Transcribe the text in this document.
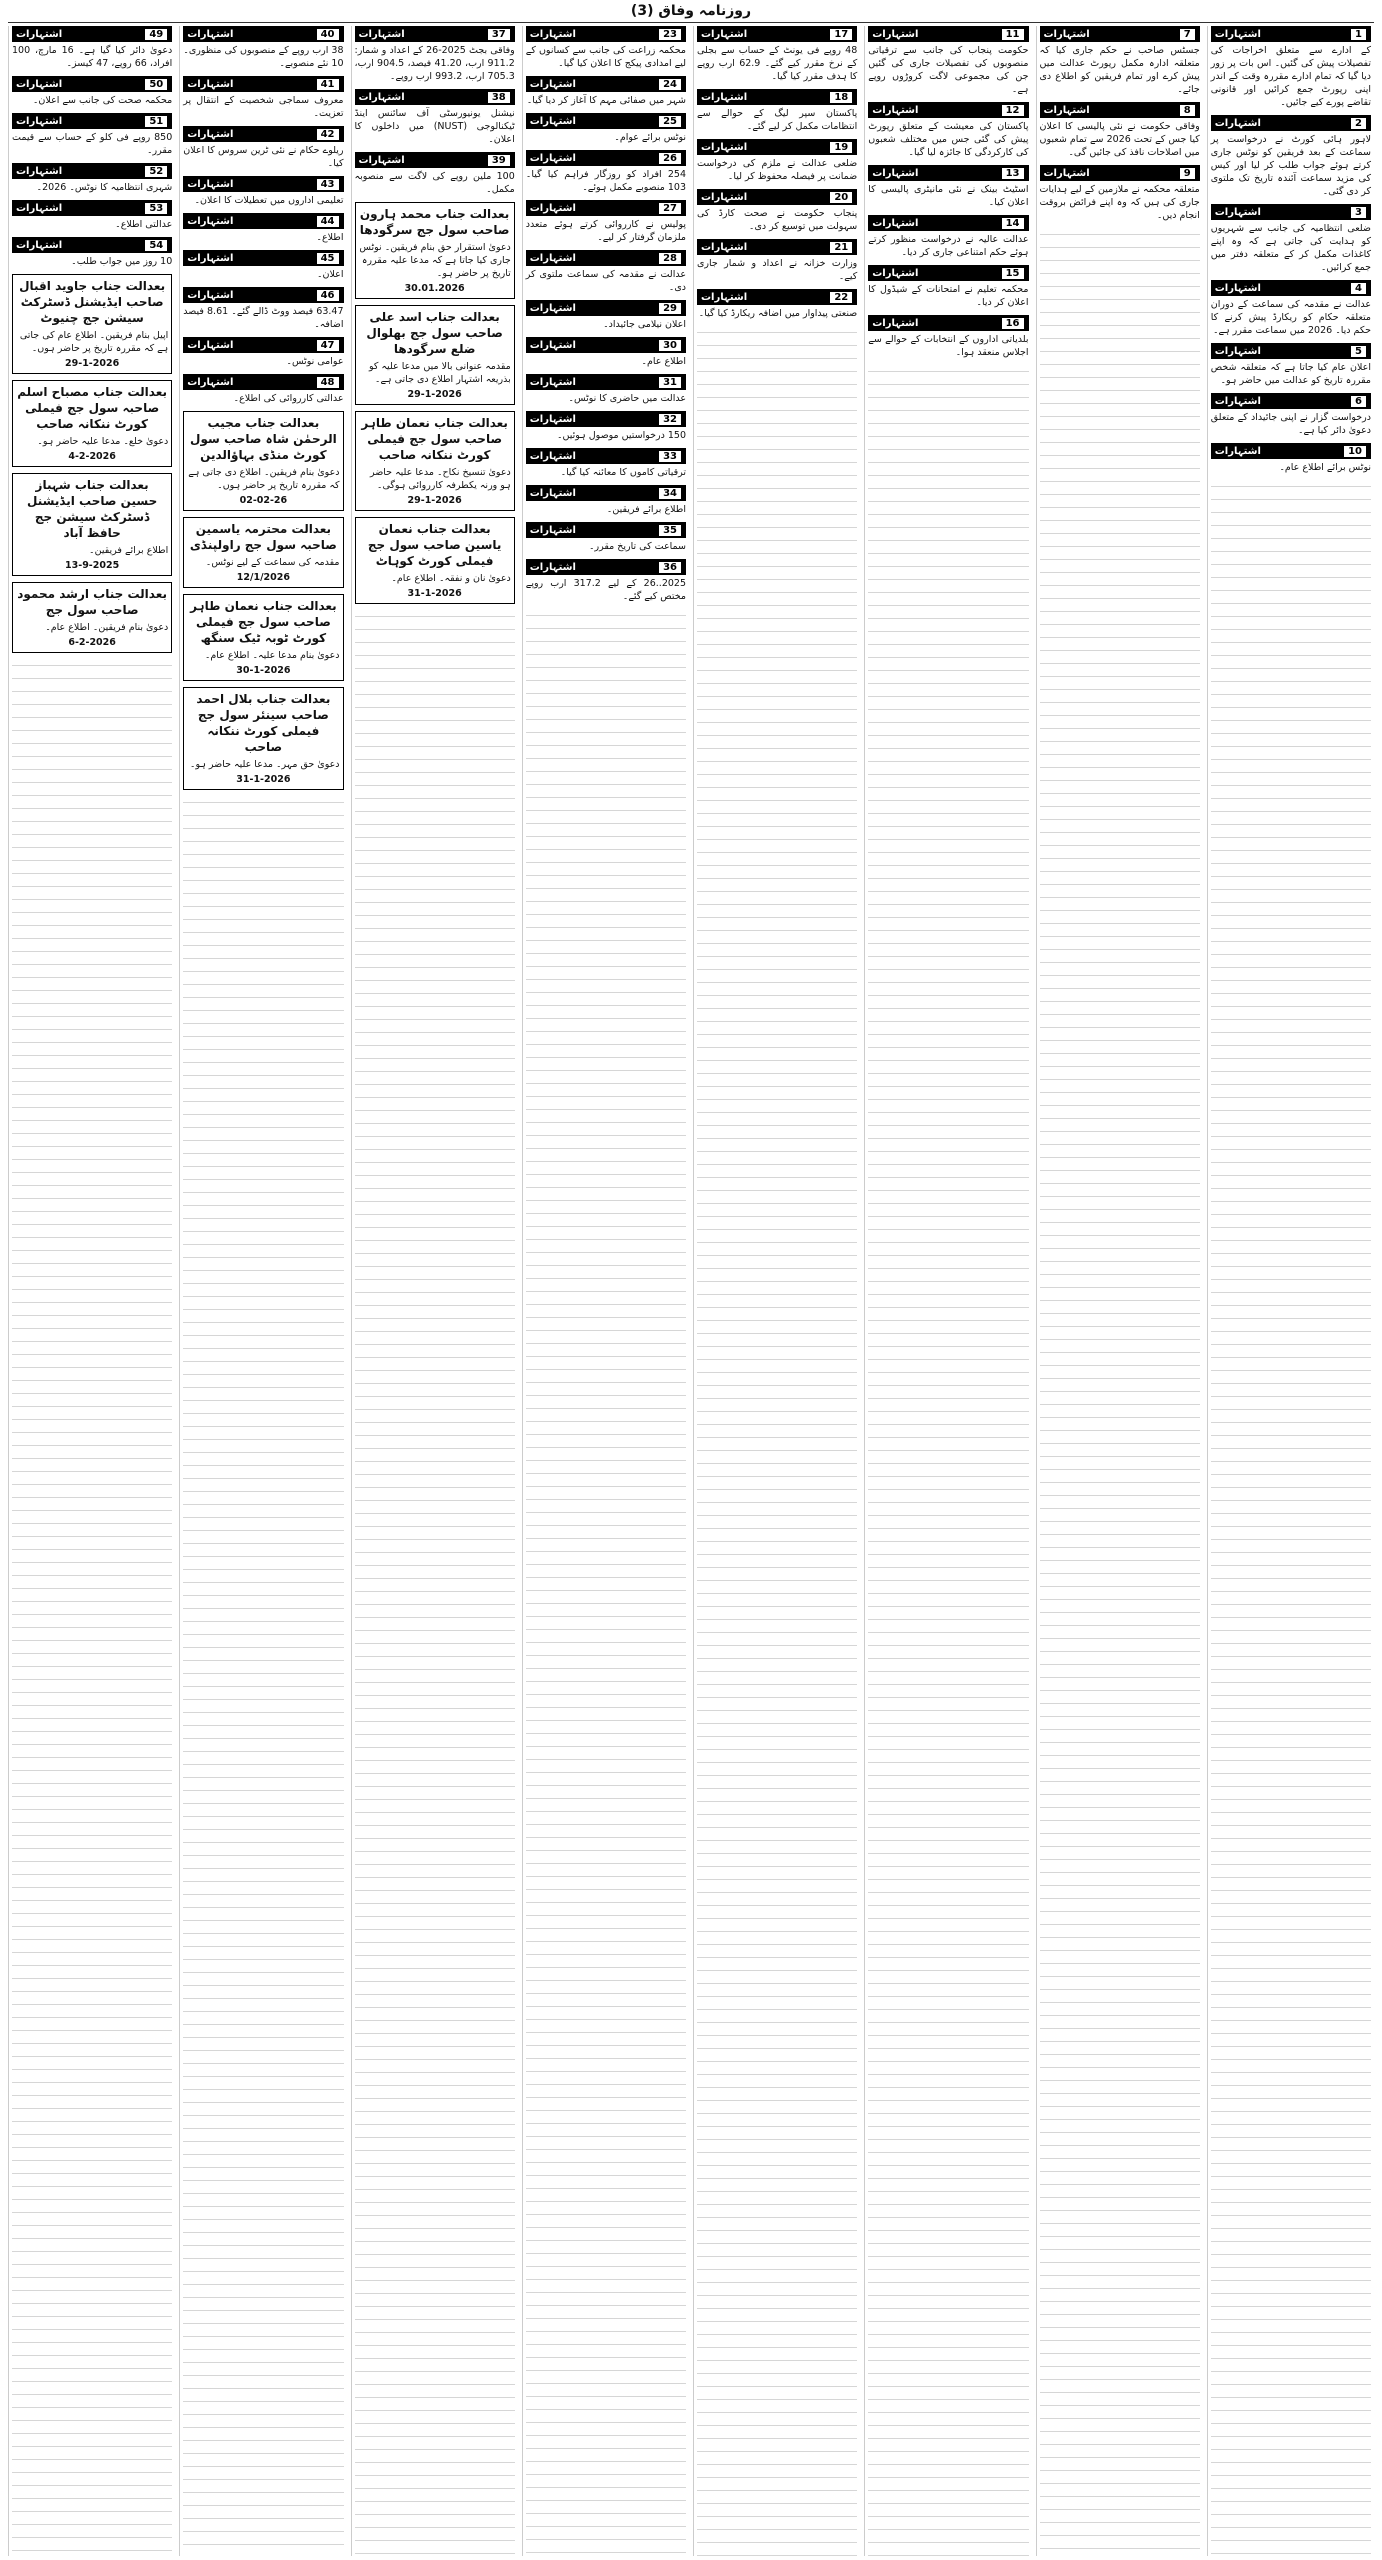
روزنامہ وفاق (3)
1
اشتہارات
کے ادارے سے متعلق اخراجات کی تفصیلات پیش کی گئیں۔ اس بات پر زور دیا گیا کہ تمام ادارے مقررہ وقت کے اندر اپنی رپورٹ جمع کرائیں اور قانونی تقاضے پورے کیے جائیں۔
2
اشتہارات
لاہور ہائی کورٹ نے درخواست پر سماعت کے بعد فریقین کو نوٹس جاری کرتے ہوئے جواب طلب کر لیا اور کیس کی مزید سماعت آئندہ تاریخ تک ملتوی کر دی گئی۔
3
اشتہارات
ضلعی انتظامیہ کی جانب سے شہریوں کو ہدایت کی جاتی ہے کہ وہ اپنے کاغذات مکمل کر کے متعلقہ دفتر میں جمع کرائیں۔
4
اشتہارات
عدالت نے مقدمہ کی سماعت کے دوران متعلقہ حکام کو ریکارڈ پیش کرنے کا حکم دیا۔ 2026 میں سماعت مقرر ہے۔
5
اشتہارات
اعلان عام کیا جاتا ہے کہ متعلقہ شخص مقررہ تاریخ کو عدالت میں حاضر ہو۔
6
اشتہارات
درخواست گزار نے اپنی جائیداد کے متعلق دعویٰ دائر کیا ہے۔
10
اشتہارات
نوٹس برائے اطلاع عام۔
7
اشتہارات
جسٹس صاحب نے حکم جاری کیا کہ متعلقہ ادارہ مکمل رپورٹ عدالت میں پیش کرے اور تمام فریقین کو اطلاع دی جائے۔
8
اشتہارات
وفاقی حکومت نے نئی پالیسی کا اعلان کیا جس کے تحت 2026 سے تمام شعبوں میں اصلاحات نافذ کی جائیں گی۔
9
اشتہارات
متعلقہ محکمہ نے ملازمین کے لیے ہدایات جاری کی ہیں کہ وہ اپنے فرائض بروقت انجام دیں۔
11
اشتہارات
حکومت پنجاب کی جانب سے ترقیاتی منصوبوں کی تفصیلات جاری کی گئیں جن کی مجموعی لاگت کروڑوں روپے ہے۔
12
اشتہارات
پاکستان کی معیشت کے متعلق رپورٹ پیش کی گئی جس میں مختلف شعبوں کی کارکردگی کا جائزہ لیا گیا۔
13
اشتہارات
اسٹیٹ بینک نے نئی مانیٹری پالیسی کا اعلان کیا۔
14
اشتہارات
عدالت عالیہ نے درخواست منظور کرتے ہوئے حکم امتناعی جاری کر دیا۔
15
اشتہارات
محکمہ تعلیم نے امتحانات کے شیڈول کا اعلان کر دیا۔
16
اشتہارات
بلدیاتی اداروں کے انتخابات کے حوالے سے اجلاس منعقد ہوا۔
17
اشتہارات
48 روپے فی یونٹ کے حساب سے بجلی کے نرخ مقرر کیے گئے۔ 62.9 ارب روپے کا ہدف مقرر کیا گیا۔
18
اشتہارات
پاکستان سپر لیگ کے حوالے سے انتظامات مکمل کر لیے گئے۔
19
اشتہارات
ضلعی عدالت نے ملزم کی درخواست ضمانت پر فیصلہ محفوظ کر لیا۔
20
اشتہارات
پنجاب حکومت نے صحت کارڈ کی سہولت میں توسیع کر دی۔
21
اشتہارات
وزارت خزانہ نے اعداد و شمار جاری کیے۔
22
اشتہارات
صنعتی پیداوار میں اضافہ ریکارڈ کیا گیا۔
23
اشتہارات
محکمہ زراعت کی جانب سے کسانوں کے لیے امدادی پیکج کا اعلان کیا گیا۔
24
اشتہارات
شہر میں صفائی مہم کا آغاز کر دیا گیا۔
25
اشتہارات
نوٹس برائے عوام۔
26
اشتہارات
254 افراد کو روزگار فراہم کیا گیا۔ 103 منصوبے مکمل ہوئے۔
27
اشتہارات
پولیس نے کارروائی کرتے ہوئے متعدد ملزمان گرفتار کر لیے۔
28
اشتہارات
عدالت نے مقدمہ کی سماعت ملتوی کر دی۔
29
اشتہارات
اعلان نیلامی جائیداد۔
30
اشتہارات
اطلاع عام۔
31
اشتہارات
عدالت میں حاضری کا نوٹس۔
32
اشتہارات
150 درخواستیں موصول ہوئیں۔
33
اشتہارات
ترقیاتی کاموں کا معائنہ کیا گیا۔
34
اشتہارات
اطلاع برائے فریقین۔
35
اشتہارات
سماعت کی تاریخ مقرر۔
36
اشتہارات
2025..26 کے لیے 317.2 ارب روپے مختص کیے گئے۔
37
اشتہارات
وفاقی بجٹ 2025-26 کے اعداد و شمار: 911.2 ارب، 41.20 فیصد، 904.5 ارب، 705.3 ارب، 993.2 ارب روپے۔
38
اشتہارات
نیشنل یونیورسٹی آف سائنس اینڈ ٹیکنالوجی (NUST) میں داخلوں کا اعلان۔
39
اشتہارات
100 ملین روپے کی لاگت سے منصوبہ مکمل۔
بعدالت جناب محمد ہارون صاحب سول جج سرگودھا
دعویٰ استقرار حق بنام فریقین۔ نوٹس جاری کیا جاتا ہے کہ مدعا علیہ مقررہ تاریخ پر حاضر ہو۔
30.01.2026
بعدالت جناب اسد علی صاحب سول جج بھلوال ضلع سرگودھا
مقدمہ عنوانی بالا میں مدعا علیہ کو بذریعہ اشتہار اطلاع دی جاتی ہے۔
29-1-2026
بعدالت جناب نعمان طاہر صاحب سول جج فیملی کورٹ ننکانہ صاحب
دعویٰ تنسیخ نکاح۔ مدعا علیہ حاضر ہو ورنہ یکطرفہ کارروائی ہوگی۔
29-1-2026
بعدالت جناب نعمان یاسین صاحب سول جج فیملی کورٹ کوہاٹ
دعویٰ نان و نفقہ۔ اطلاع عام۔
31-1-2026
40
اشتہارات
38 ارب روپے کے منصوبوں کی منظوری۔ 10 نئے منصوبے۔
41
اشتہارات
معروف سماجی شخصیت کے انتقال پر تعزیت۔
42
اشتہارات
ریلوے حکام نے نئی ٹرین سروس کا اعلان کیا۔
43
اشتہارات
تعلیمی اداروں میں تعطیلات کا اعلان۔
44
اشتہارات
اطلاع۔
45
اشتہارات
اعلان۔
46
اشتہارات
63.47 فیصد ووٹ ڈالے گئے۔ 8.61 فیصد اضافہ۔
47
اشتہارات
عوامی نوٹس۔
48
اشتہارات
عدالتی کارروائی کی اطلاع۔
بعدالت جناب مجیب الرحمٰن شاہ صاحب سول کورٹ منڈی بہاؤالدین
دعویٰ بنام فریقین۔ اطلاع دی جاتی ہے کہ مقررہ تاریخ پر حاضر ہوں۔
02-02-26
بعدالت محترمہ یاسمین صاحبہ سول جج راولپنڈی
مقدمہ کی سماعت کے لیے نوٹس۔
12/1/2026
بعدالت جناب نعمان طاہر صاحب سول جج فیملی کورٹ ٹوبہ ٹیک سنگھ
دعویٰ بنام مدعا علیہ۔ اطلاع عام۔
30-1-2026
بعدالت جناب بلال احمد صاحب سینئر سول جج فیملی کورٹ ننکانہ صاحب
دعویٰ حق مہر۔ مدعا علیہ حاضر ہو۔
31-1-2026
49
اشتہارات
دعویٰ دائر کیا گیا ہے۔ 16 مارچ، 100 افراد، 66 روپے، 47 کیسز۔
50
اشتہارات
محکمہ صحت کی جانب سے اعلان۔
51
اشتہارات
850 روپے فی کلو کے حساب سے قیمت مقرر۔
52
اشتہارات
شہری انتظامیہ کا نوٹس۔ 2026۔
53
اشتہارات
عدالتی اطلاع۔
54
اشتہارات
10 روز میں جواب طلب۔
بعدالت جناب جاوید اقبال صاحب ایڈیشنل ڈسٹرکٹ سیشن جج چنیوٹ
اپیل بنام فریقین۔ اطلاع عام کی جاتی ہے کہ مقررہ تاریخ پر حاضر ہوں۔
29-1-2026
بعدالت جناب مصباح اسلم صاحبہ سول جج فیملی کورٹ ننکانہ صاحب
دعویٰ خلع۔ مدعا علیہ حاضر ہو۔
4-2-2026
بعدالت جناب شہباز حسین صاحب ایڈیشنل ڈسٹرکٹ سیشن جج حافظ آباد
اطلاع برائے فریقین۔
13-9-2025
بعدالت جناب ارشد محمود صاحب سول جج
دعویٰ بنام فریقین۔ اطلاع عام۔
6-2-2026
